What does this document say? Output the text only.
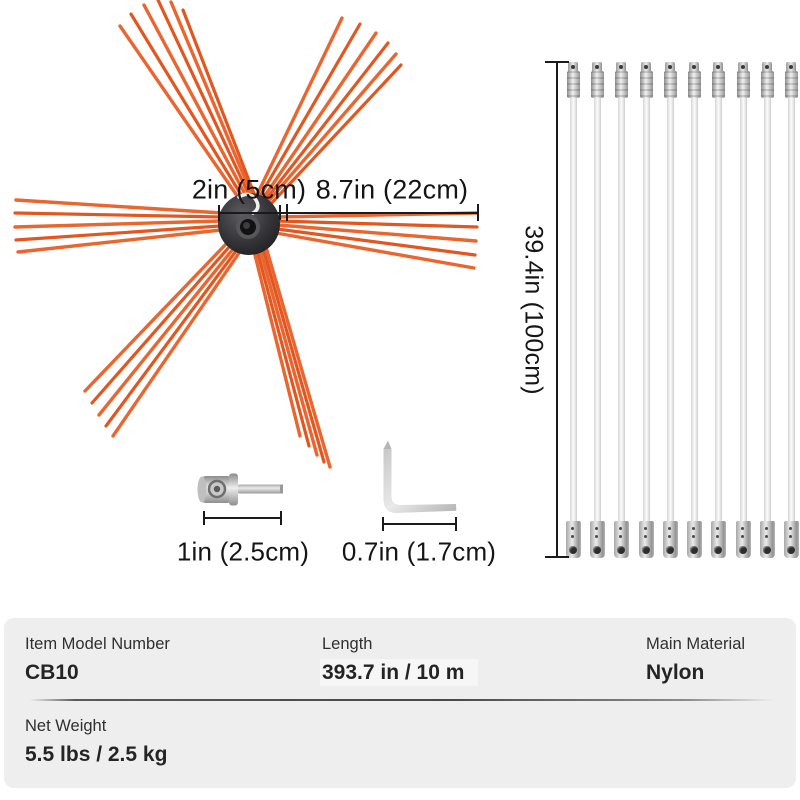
2in (5cm) 8.7in (22cm)
39.4in (100cm)
1in (2.5cm) 0.7in (1.7cm)
Item Model Number
CB10
Length
393.7 in / 10 m
Main Material
Nylon
Net Weight
5.5 lbs / 2.5 kg
